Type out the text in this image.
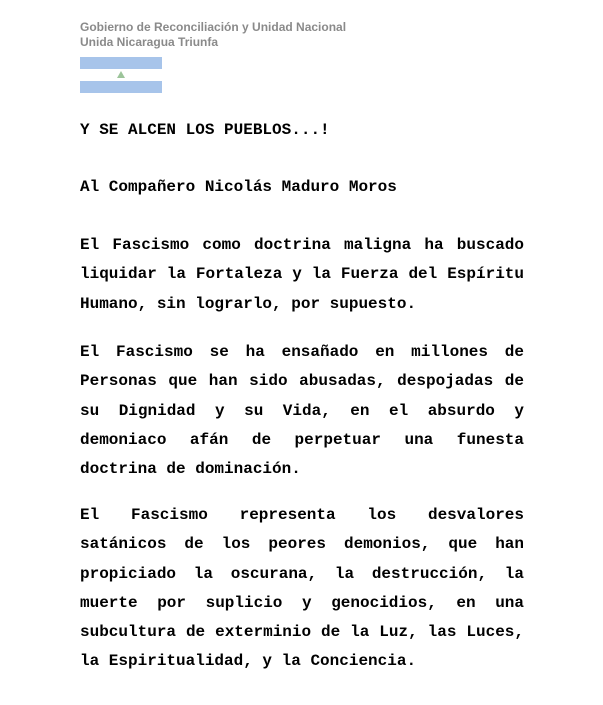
Gobierno de Reconciliación y Unidad Nacional
Unida Nicaragua Triunfa
Y SE ALCEN LOS PUEBLOS...!
Al Compañero Nicolás Maduro Moros
El Fascismo como doctrina maligna ha buscado liquidar la Fortaleza y la Fuerza del Espíritu Humano, sin lograrlo, por supuesto.
El Fascismo se ha ensañado en millones de Personas que han sido abusadas, despojadas de su Dignidad y su Vida, en el absurdo y demoniaco afán de perpetuar una funesta doctrina de dominación.
El Fascismo representa los desvalores satánicos de los peores demonios, que han propiciado la oscurana, la destrucción, la muerte por suplicio y genocidios, en una subcultura de exterminio de la Luz, las Luces, la Espiritualidad, y la Conciencia.
